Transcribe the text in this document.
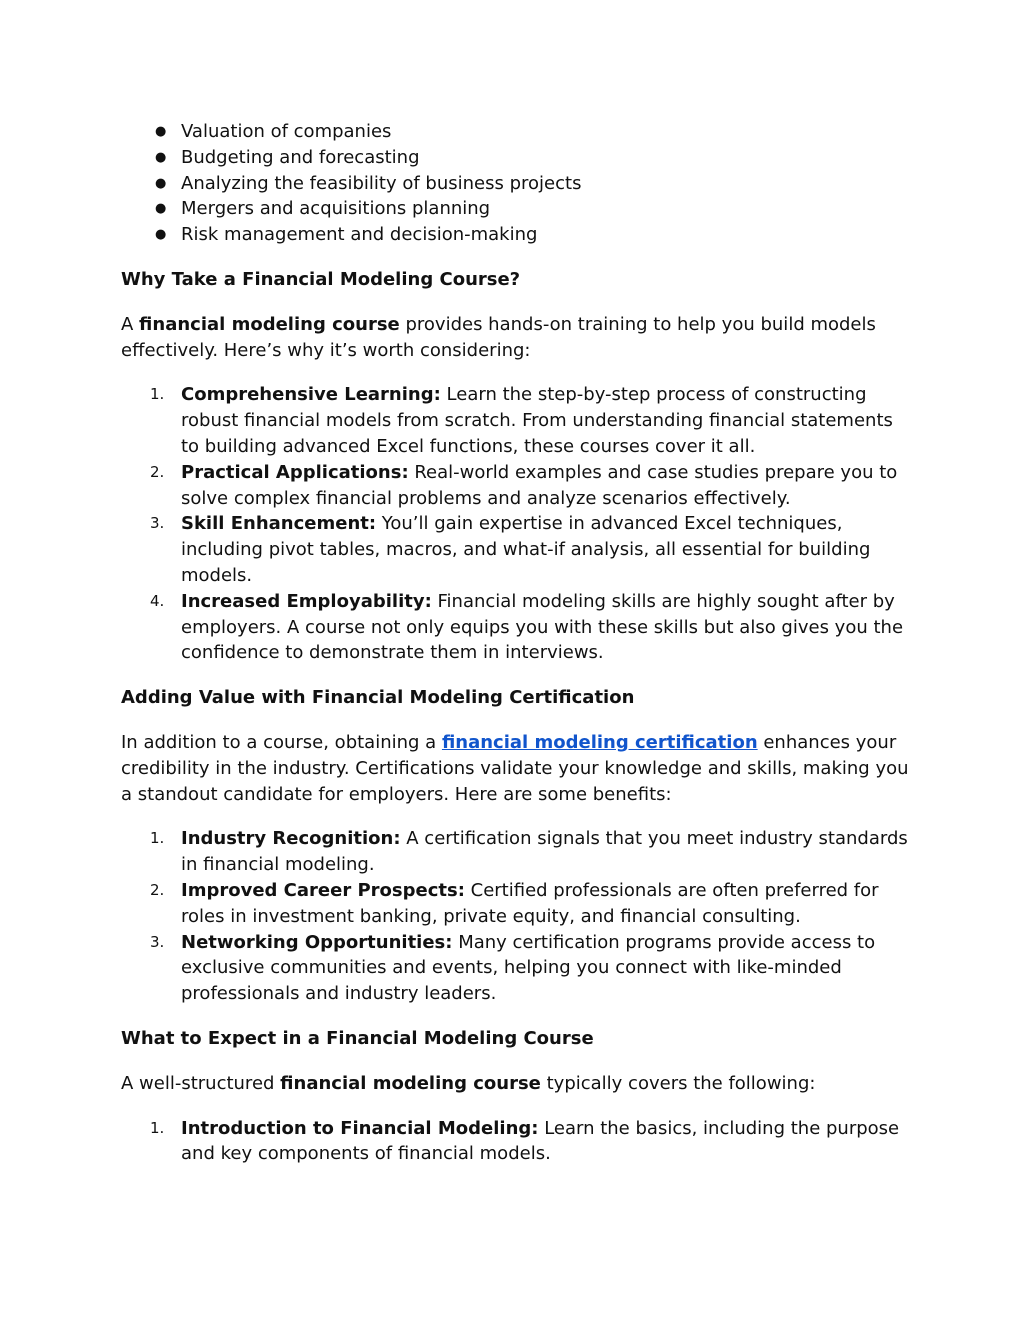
● Valuation of companies
● Budgeting and forecasting
● Analyzing the feasibility of business projects
● Mergers and acquisitions planning
● Risk management and decision-making
Why Take a Financial Modeling Course?

A financial modeling course provides hands-on training to help you build models effectively. Here’s why it’s worth considering:

1. Comprehensive Learning: Learn the step-by-step process of constructing robust financial models from scratch. From understanding financial statements to building advanced Excel functions, these courses cover it all.
2. Practical Applications: Real-world examples and case studies prepare you to solve complex financial problems and analyze scenarios effectively.
3. Skill Enhancement: You’ll gain expertise in advanced Excel techniques, including pivot tables, macros, and what-if analysis, all essential for building models.
4. Increased Employability: Financial modeling skills are highly sought after by employers. A course not only equips you with these skills but also gives you the confidence to demonstrate them in interviews.
Adding Value with Financial Modeling Certification

In addition to a course, obtaining a financial modeling certification enhances your credibility in the industry. Certifications validate your knowledge and skills, making you a standout candidate for employers. Here are some benefits:

1. Industry Recognition: A certification signals that you meet industry standards in financial modeling.
2. Improved Career Prospects: Certified professionals are often preferred for roles in investment banking, private equity, and financial consulting.
3. Networking Opportunities: Many certification programs provide access to exclusive communities and events, helping you connect with like-minded professionals and industry leaders.
What to Expect in a Financial Modeling Course

A well-structured financial modeling course typically covers the following:

1. Introduction to Financial Modeling: Learn the basics, including the purpose and key components of financial models.
